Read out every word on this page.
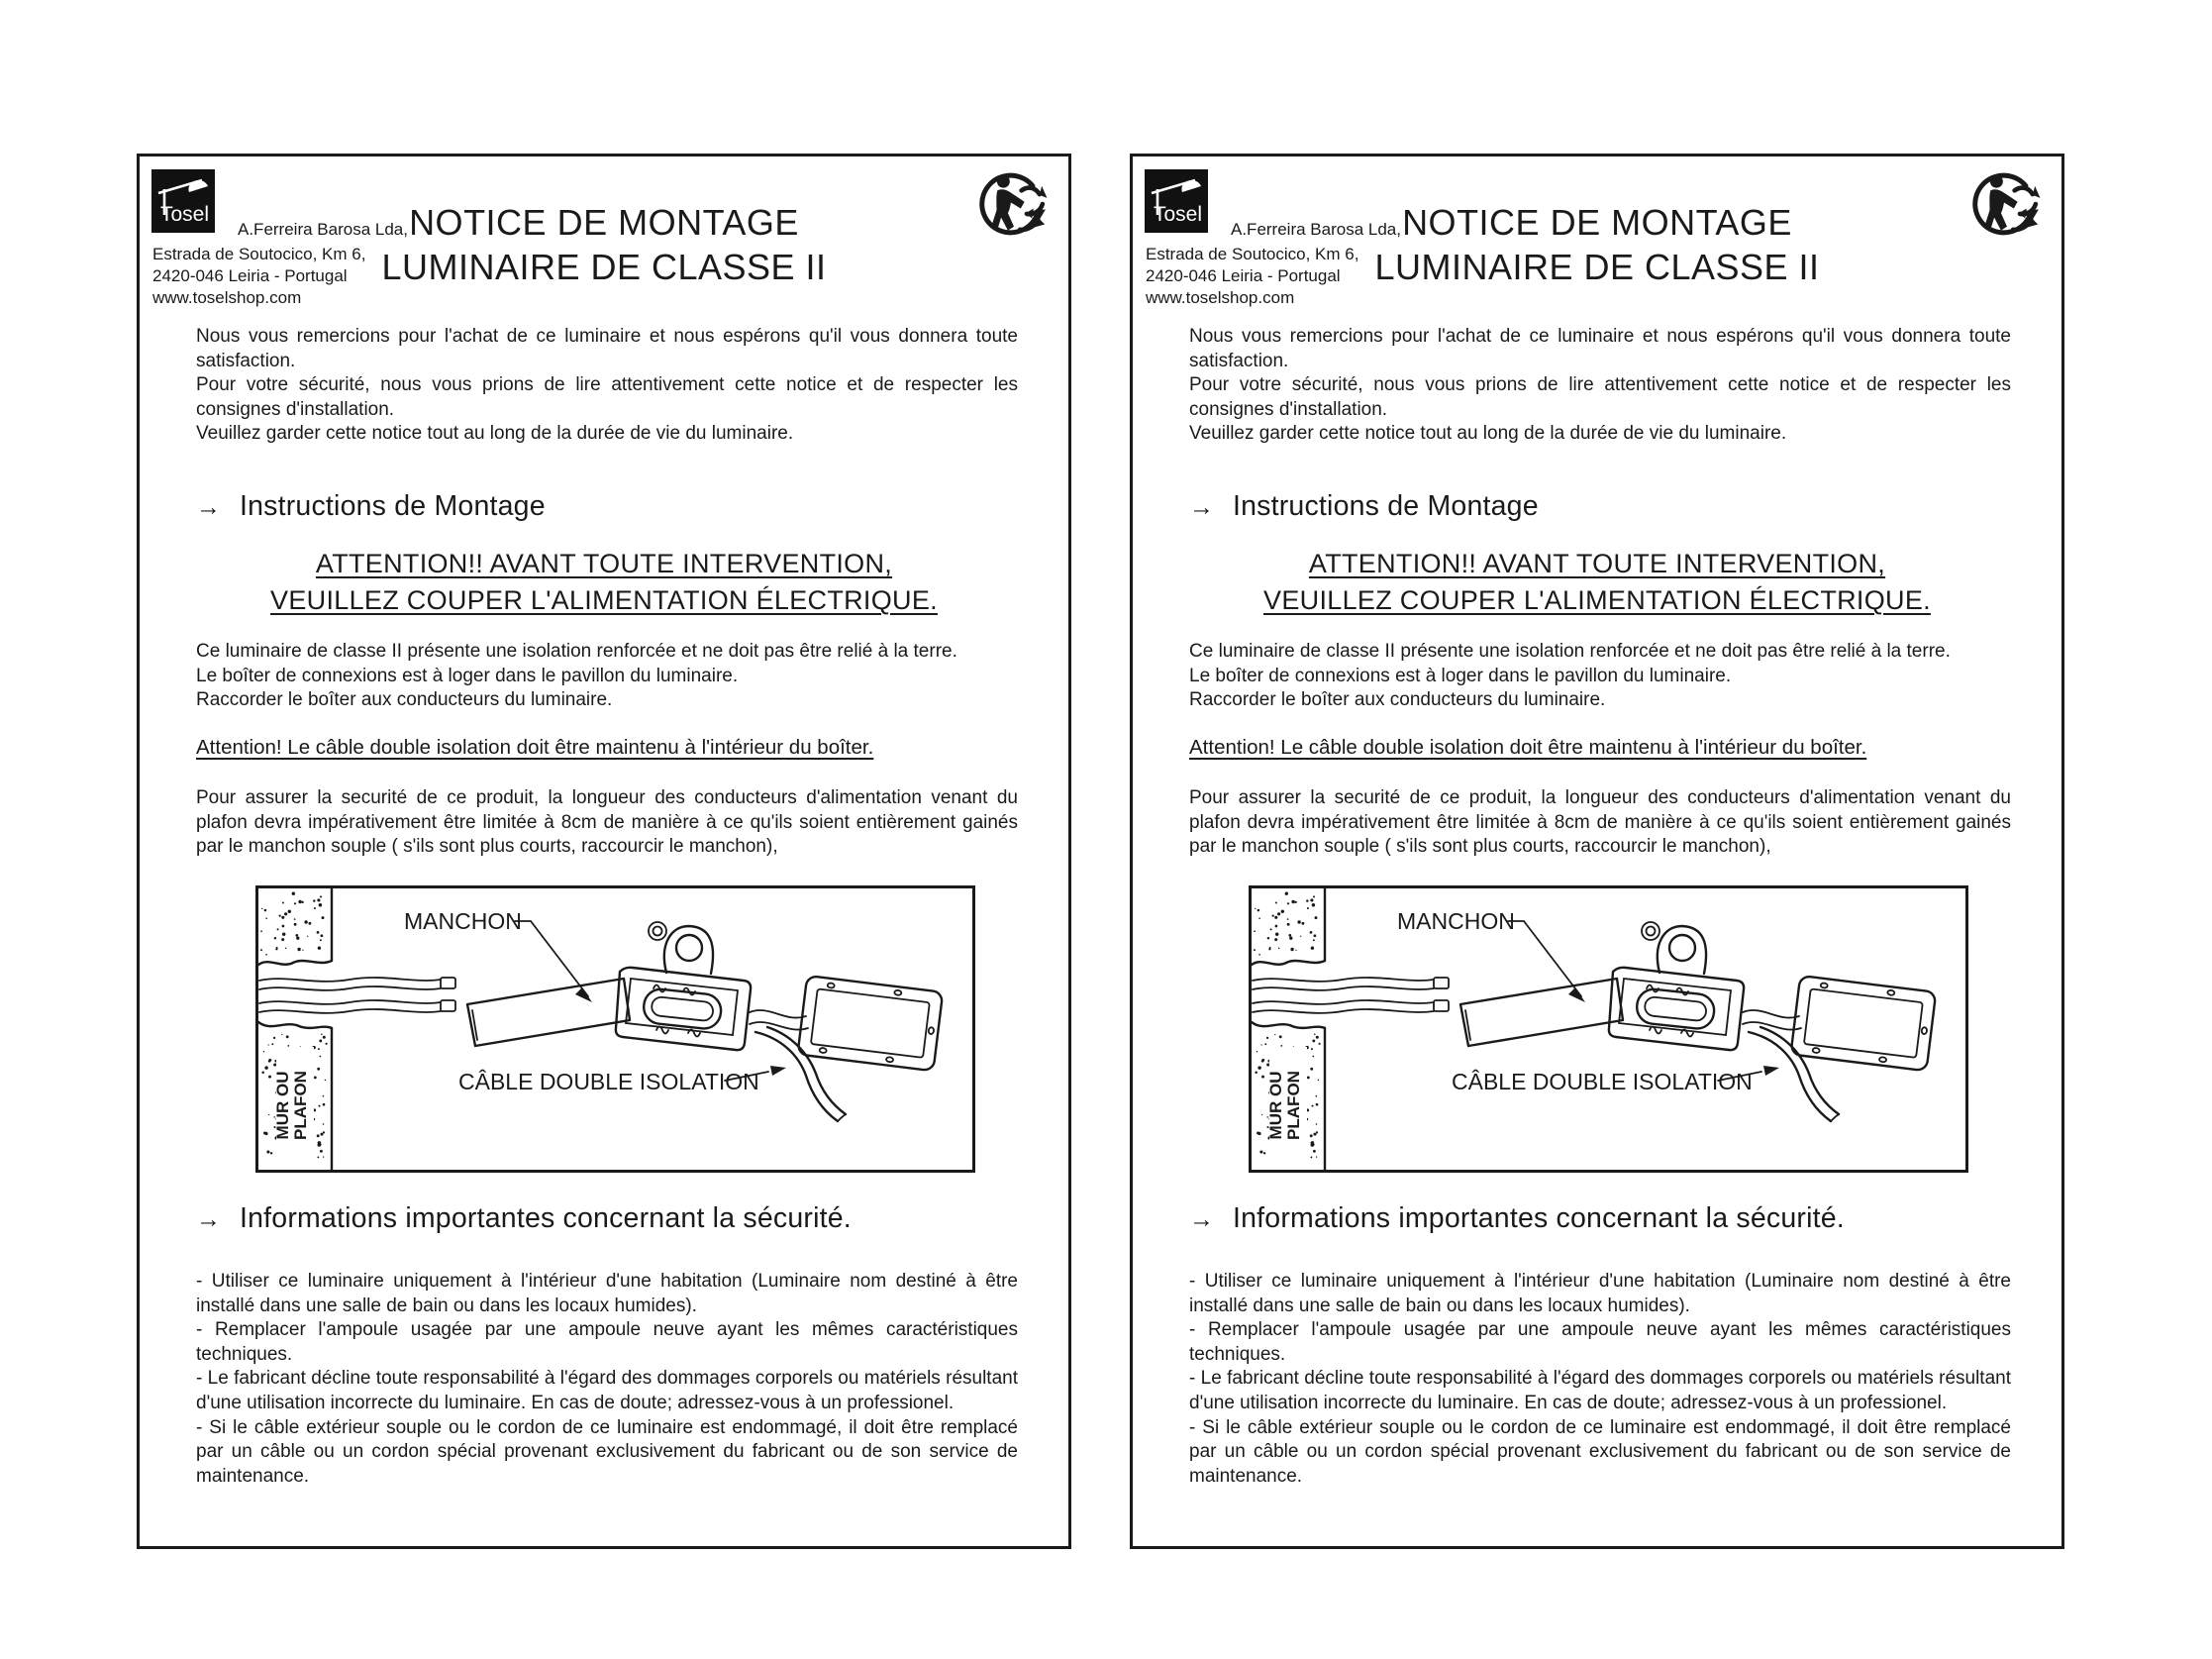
Tosel
A.Ferreira Barosa Lda,
Estrada de Soutocico, Km 6,
2420-046 Leiria - Portugal
www.toselshop.com
NOTICE DE MONTAGE
LUMINAIRE DE CLASSE II

Nous vous remercions pour l'achat de ce luminaire et nous espérons qu'il vous donnera toute satisfaction.

Pour votre sécurité, nous vous prions de lire attentivement cette notice et de respecter les consignes d'installation.

Veuillez garder cette notice tout au long de la durée de vie du luminaire.

→ Instructions de Montage
ATTENTION!! AVANT TOUTE INTERVENTION,
VEUILLEZ COUPER L'ALIMENTATION ÉLECTRIQUE.

Ce luminaire de classe II présente une isolation renforcée et ne doit pas être relié à la terre.

Le boîter de connexions est à loger dans le pavillon du luminaire.

Raccorder le boîter aux conducteurs du luminaire.

Attention! Le câble double isolation doit être maintenu à l'intérieur du boîter.
Pour assurer la securité de ce produit, la longueur des conducteurs d'alimentation venant du plafon devra impérativement être limitée à 8cm de manière à ce qu'ils soient entièrement gainés par le manchon souple ( s'ils sont plus courts, raccourcir le manchon),
MANCHON
CÂBLE DOUBLE ISOLATION
MUR OU PLAFON
→ Informations importantes concernant la sécurité.

- Utiliser ce luminaire uniquement à l'intérieur d'une habitation (Luminaire nom destiné à être installé dans une salle de bain ou dans les locaux humides).

- Remplacer l'ampoule usagée par une ampoule neuve ayant les mêmes caractéristiques techniques.

- Le fabricant décline toute responsabilité à l'égard des dommages corporels ou matériels résultant d'une utilisation incorrecte du luminaire. En cas de doute; adressez-vous à un professionel.

- Si le câble extérieur souple ou le cordon de ce luminaire est endommagé, il doit être remplacé par un câble ou un cordon spécial provenant exclusivement du fabricant ou de son service de maintenance.

Tosel
A.Ferreira Barosa Lda,
Estrada de Soutocico, Km 6,
2420-046 Leiria - Portugal
www.toselshop.com
NOTICE DE MONTAGE
LUMINAIRE DE CLASSE II

Nous vous remercions pour l'achat de ce luminaire et nous espérons qu'il vous donnera toute satisfaction.

Pour votre sécurité, nous vous prions de lire attentivement cette notice et de respecter les consignes d'installation.

Veuillez garder cette notice tout au long de la durée de vie du luminaire.

→ Instructions de Montage
ATTENTION!! AVANT TOUTE INTERVENTION,
VEUILLEZ COUPER L'ALIMENTATION ÉLECTRIQUE.

Ce luminaire de classe II présente une isolation renforcée et ne doit pas être relié à la terre.

Le boîter de connexions est à loger dans le pavillon du luminaire.

Raccorder le boîter aux conducteurs du luminaire.

Attention! Le câble double isolation doit être maintenu à l'intérieur du boîter.
Pour assurer la securité de ce produit, la longueur des conducteurs d'alimentation venant du plafon devra impérativement être limitée à 8cm de manière à ce qu'ils soient entièrement gainés par le manchon souple ( s'ils sont plus courts, raccourcir le manchon),
MANCHON
CÂBLE DOUBLE ISOLATION
MUR OU PLAFON
→ Informations importantes concernant la sécurité.

- Utiliser ce luminaire uniquement à l'intérieur d'une habitation (Luminaire nom destiné à être installé dans une salle de bain ou dans les locaux humides).

- Remplacer l'ampoule usagée par une ampoule neuve ayant les mêmes caractéristiques techniques.

- Le fabricant décline toute responsabilité à l'égard des dommages corporels ou matériels résultant d'une utilisation incorrecte du luminaire. En cas de doute; adressez-vous à un professionel.

- Si le câble extérieur souple ou le cordon de ce luminaire est endommagé, il doit être remplacé par un câble ou un cordon spécial provenant exclusivement du fabricant ou de son service de maintenance.
